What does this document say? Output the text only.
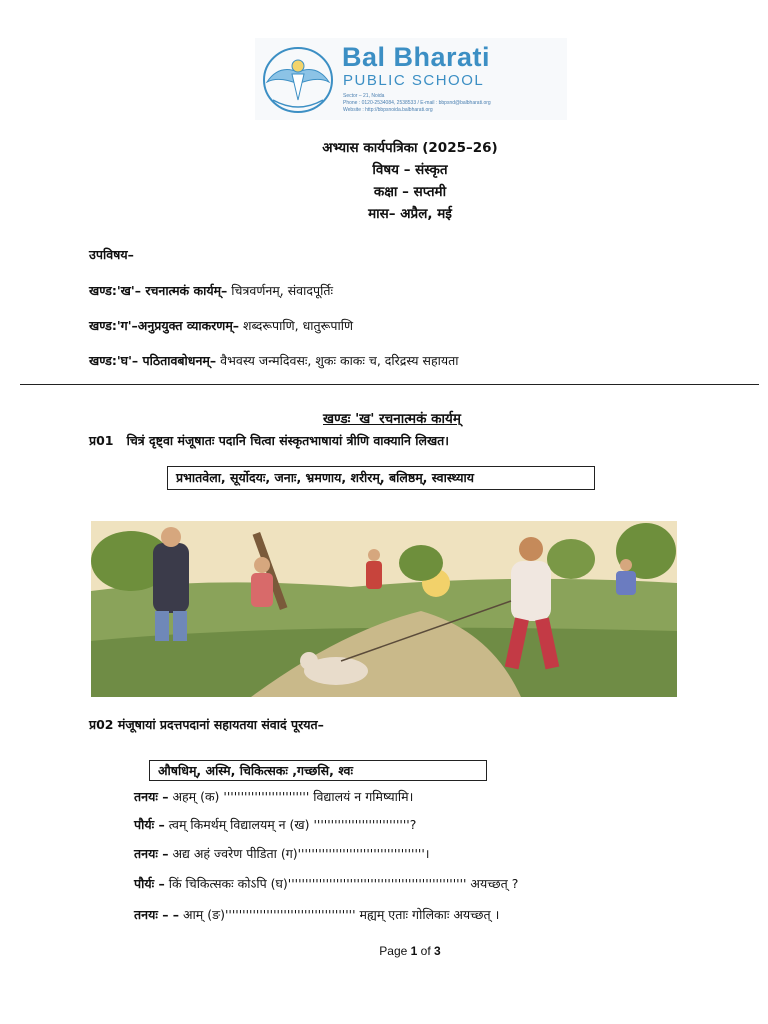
Bal Bharati
PUBLIC SCHOOL
Sector – 21, Noida
Phone : 0120-2534084, 2538533 / E-mail : bbpsnd@balbharati.org
Website : http://bbpsnoida.balbharati.org
अभ्यास कार्यपत्रिका (2025–26)
विषय – संस्कृत
कक्षा – सप्तमी
मास– अप्रैल, मई
उपविषय–
खण्ड:'ख'– रचनात्मकं कार्यम्– चित्रवर्णनम्, संवादपूर्तिः
खण्ड:'ग'–अनुप्रयुक्त व्याकरणम्– शब्दरूपाणि, धातुरूपाणि
खण्ड:'घ'– पठितावबोधनम्– वैभवस्य जन्मदिवसः, शुकः काकः च, दरिद्रस्य सहायता
खण्डः 'ख' रचनात्मकं कार्यम्
प्र01 चित्रं दृष्ट्वा मंजूषातः पदानि चित्वा संस्कृतभाषायां त्रीणि वाक्यानि लिखत।
प्रभातवेला, सूर्योदयः, जनाः, भ्रमणाय, शरीरम्, बलिष्ठम्, स्वास्थ्याय
प्र02 मंजूषायां प्रदत्तपदानां सहायतया संवादं पूरयत–
औषधिम्, अस्मि, चिकित्सकः ,गच्छसि, श्वः
तनयः – अहम् (क) ''''''''''''''''''''''''' विद्यालयं न गमिष्यामि।
पौर्यः – त्वम् किमर्थम् विद्यालयम् न (ख) ''''''''''''''''''''''''''''?
तनयः – अद्य अहं ज्वरेण पीडिता (ग)'''''''''''''''''''''''''''''''''''''।
पौर्यः – किं चिकित्सकः कोऽपि (घ)'''''''''''''''''''''''''''''''''''''''''''''''''''' अयच्छत् ?
तनयः – – आम् (ङ)'''''''''''''''''''''''''''''''''''''' मह्यम् एताः गोलिकाः अयच्छत् ।
Page 1 of 3
